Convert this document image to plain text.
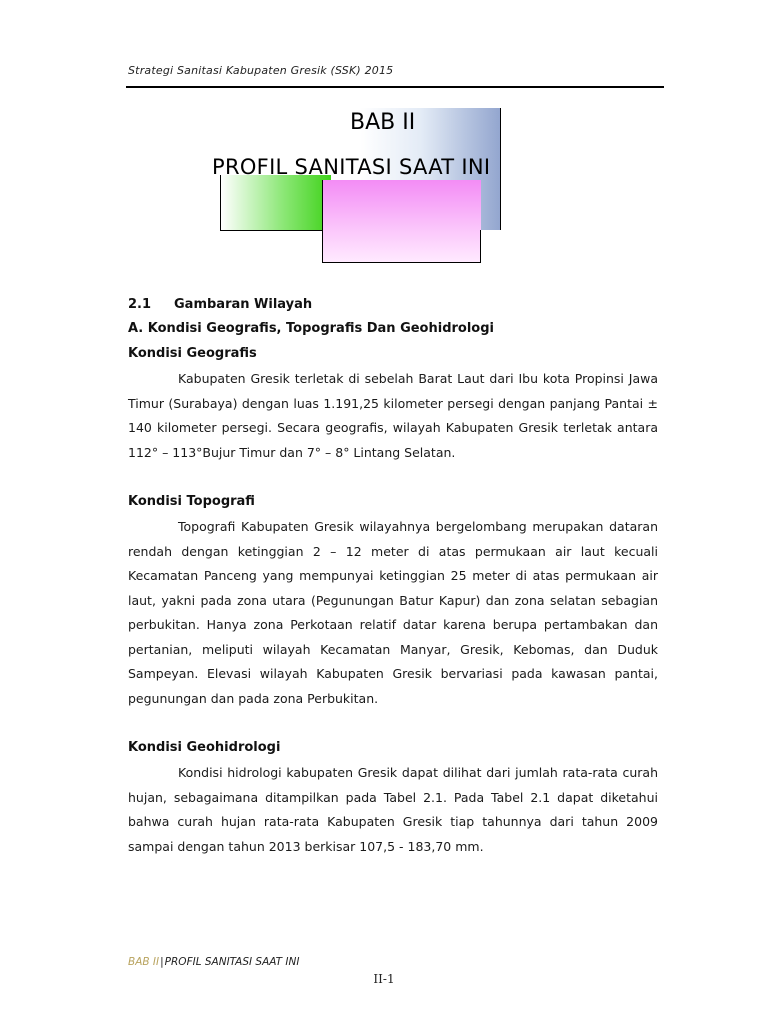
Strategi Sanitasi Kabupaten Gresik (SSK) 2015
BAB II
PROFIL SANITASI SAAT INI
2.1 Gambaran Wilayah
A. Kondisi Geografis, Topografis Dan Geohidrologi
Kondisi Geografis

Kabupaten Gresik terletak di sebelah Barat Laut dari Ibu kota Propinsi Jawa Timur (Surabaya) dengan luas 1.191,25 kilometer persegi dengan panjang Pantai ± 140 kilometer persegi. Secara geografis, wilayah Kabupaten Gresik terletak antara 112° – 113°Bujur Timur dan 7° – 8° Lintang Selatan.

Kondisi Topografi

Topografi Kabupaten Gresik wilayahnya bergelombang merupakan dataran rendah dengan ketinggian 2 – 12 meter di atas permukaan air laut kecuali Kecamatan Panceng yang mempunyai ketinggian 25 meter di atas permukaan air laut, yakni pada zona utara (Pegunungan Batur Kapur) dan zona selatan sebagian perbukitan. Hanya zona Perkotaan relatif datar karena berupa pertambakan dan pertanian, meliputi wilayah Kecamatan Manyar, Gresik, Kebomas, dan Duduk Sampeyan. Elevasi wilayah Kabupaten Gresik bervariasi pada kawasan pantai, pegunungan dan pada zona Perbukitan.

Kondisi Geohidrologi

Kondisi hidrologi kabupaten Gresik dapat dilihat dari jumlah rata-rata curah hujan, sebagaimana ditampilkan pada Tabel 2.1. Pada Tabel 2.1 dapat diketahui bahwa curah hujan rata-rata Kabupaten Gresik tiap tahunnya dari tahun 2009 sampai dengan tahun 2013 berkisar 107,5 - 183,70 mm.

BAB II|PROFIL SANITASI SAAT INI
II-1
